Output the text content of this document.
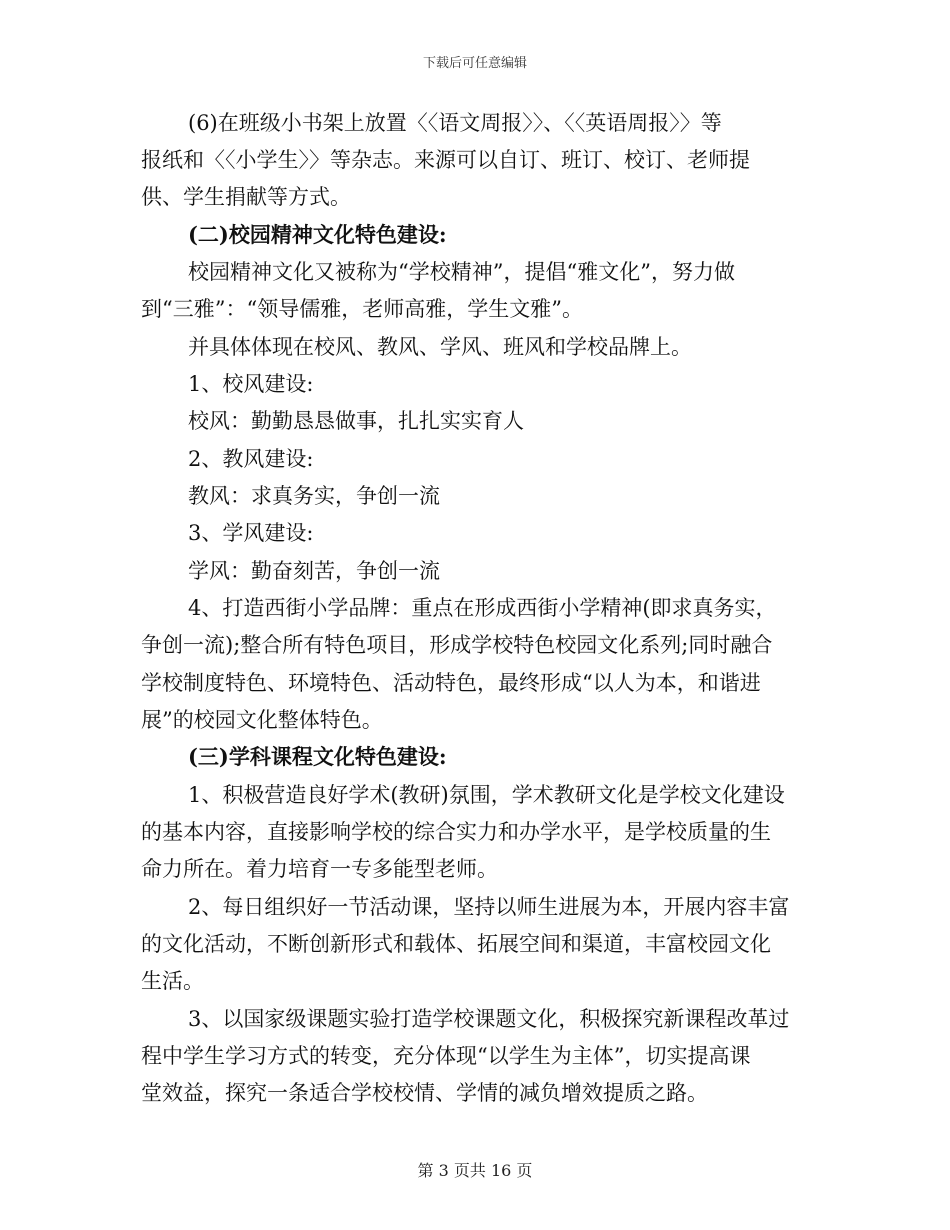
下载后可任意编辑
(6)在班级小书架上放置〈〈语文周报〉〉、〈〈英语周报〉〉等
报纸和〈〈小学生〉〉等杂志。来源可以自订、班订、校订、老师提
供、学生捐献等方式。
(二)校园精神文化特色建设:
校园精神文化又被称为“学校精神”，提倡“雅文化”，努力做
到“三雅”：“领导儒雅，老师高雅，学生文雅”。
并具体体现在校风、教风、学风、班风和学校品牌上。
1、校风建设:
校风：勤勤恳恳做事，扎扎实实育人
2、教风建设:
教风：求真务实，争创一流
3、学风建设:
学风：勤奋刻苦，争创一流
4、打造西街小学品牌：重点在形成西街小学精神(即求真务实，
争创一流);整合所有特色项目，形成学校特色校园文化系列;同时融合
学校制度特色、环境特色、活动特色，最终形成“以人为本，和谐进
展”的校园文化整体特色。
(三)学科课程文化特色建设:
1、积极营造良好学术(教研)氛围，学术教研文化是学校文化建设
的基本内容，直接影响学校的综合实力和办学水平，是学校质量的生
命力所在。着力培育一专多能型老师。
2、每日组织好一节活动课，坚持以师生进展为本，开展内容丰富
的文化活动，不断创新形式和载体、拓展空间和渠道，丰富校园文化
生活。
3、以国家级课题实验打造学校课题文化，积极探究新课程改革过
程中学生学习方式的转变，充分体现“以学生为主体”，切实提高课
堂效益，探究一条适合学校校情、学情的减负增效提质之路。
第 3 页共 16 页
